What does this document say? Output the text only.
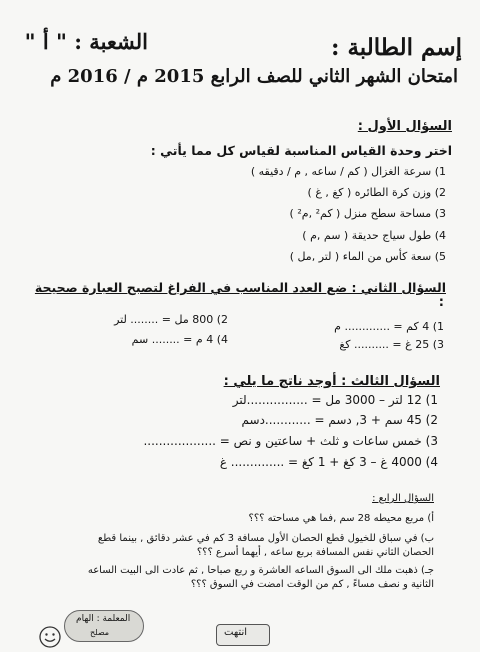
إسم الطالبة :
الشعبة : " أ "
امتحان الشهر الثاني للصف الرابع 2015 م / 2016 م
السؤال الأول :
اختر وحدة القياس المناسبة لقياس كل مما يأتي :
1) سرعة الغزال ( كم / ساعه , م / دقيقه )
2) وزن كرة الطائره ( كغ , غ )
3) مساحة سطح منزل ( كم² ,م² )
4) طول سياج حديقة ( سم ,م )
5) سعة كأس من الماء ( لتر ,مل )
السؤال الثاني : ضع العدد المناسب في الفراغ لتصبح العبارة صحيحة
:
1) 4 كم = ............. م
2) 800 مل = ........ لتر
3) 25 غ = .......... كغ
4) 4 م = ........ سم
السؤال الثالث : أوجد ناتج ما يلي :
1) 12 لتر – 3000 مل = ................لتر
2) 45 سم + 3, دسم = ............دسم
3) خمس ساعات و ثلث + ساعتين و نص = ...................
4) 4000 غ – 3 كغ + 1 كغ = .............. غ
السؤال الرابع :
أ) مربع محيطه 28 سم ,فما هي مساحته ؟؟؟
ب) في سباق للخيول قطع الحصان الأول مسافة 3 كم في عشر دقائق , بينما قطع
الحصان الثاني نفس المسافة بربع ساعه , أيهما أسرع ؟؟؟
جـ) ذهبت ملك الى السوق الساعه العاشرة و ربع صباحا , ثم عادت الى البيت الساعه
الثانية و نصف مساءً , كم من الوقت امضت في السوق ؟؟؟
انتهت
المعلمة : الهام
مصلح
